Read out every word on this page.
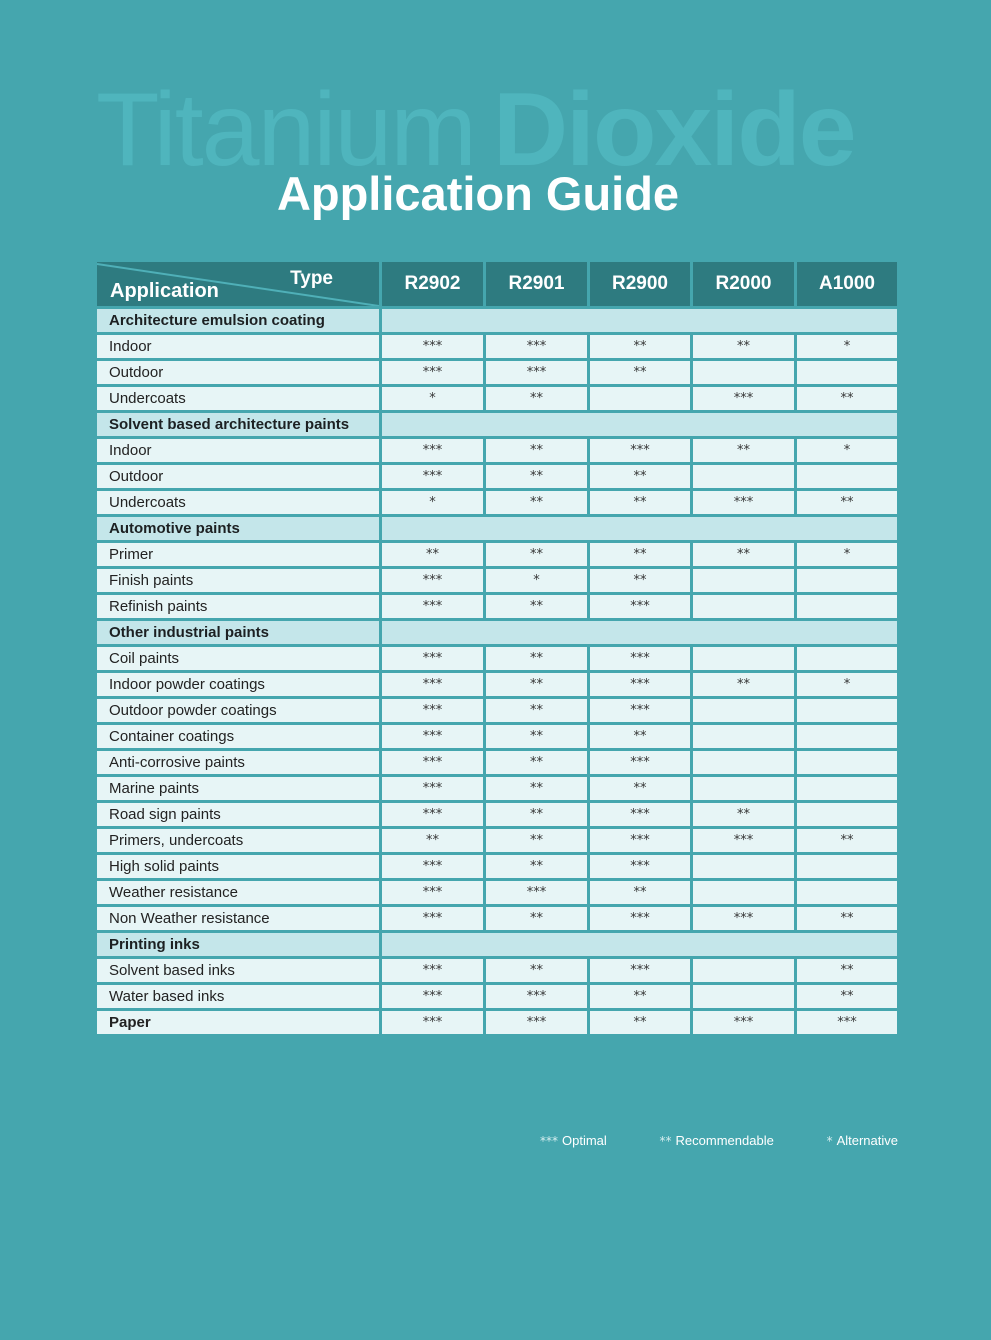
Titanium Dioxide
Application Guide
Type
Application	R2902	R2901	R2900	R2000	A1000
Architecture emulsion coating					
Indoor	***	***	**	**	*
Outdoor	***	***	**		
Undercoats	*	**		***	**
Solvent based architecture paints					
Indoor	***	**	***	**	*
Outdoor	***	**	**		
Undercoats	*	**	**	***	**
Automotive paints					
Primer	**	**	**	**	*
Finish paints	***	*	**		
Refinish paints	***	**	***		
Other industrial paints					
Coil paints	***	**	***		
Indoor powder coatings	***	**	***	**	*
Outdoor powder coatings	***	**	***		
Container coatings	***	**	**		
Anti-corrosive paints	***	**	***		
Marine paints	***	**	**		
Road sign paints	***	**	***	**	
Primers, undercoats	**	**	***	***	**
High solid paints	***	**	***		
Weather resistance	***	***	**		
Non Weather resistance	***	**	***	***	**
Printing inks					
Solvent based inks	***	**	***		**
Water based inks	***	***	**		**
Paper	***	***	**	***	***
*** Optimal	** Recommendable	* Alternative
